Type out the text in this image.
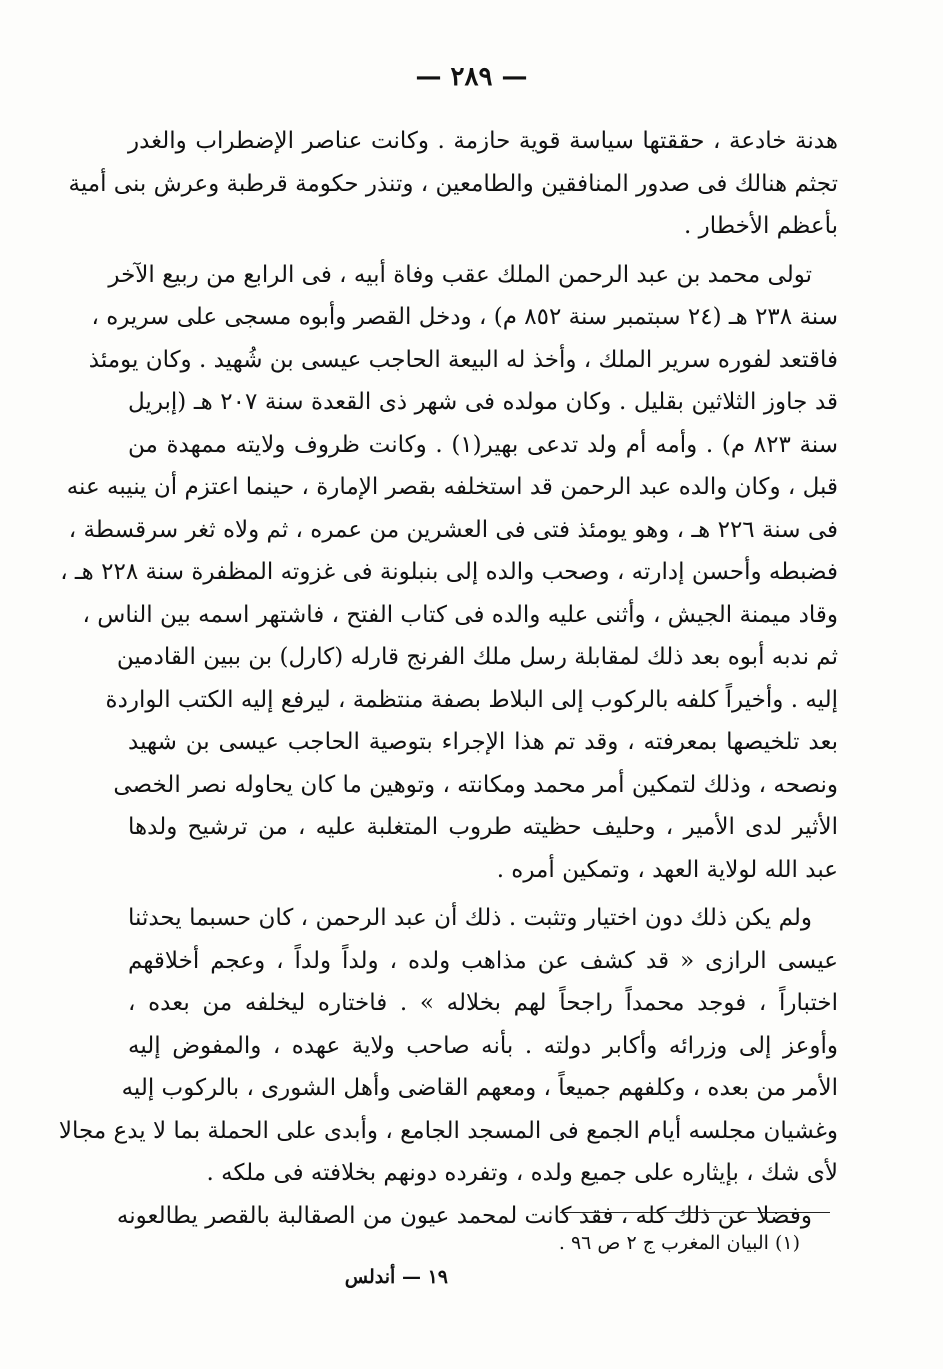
— ٢٨٩ —
هدنة خادعة ، حققتها سياسة قوية حازمة . وكانت عناصر الإضطراب والغدر
تجثم هنالك فى صدور المنافقين والطامعين ، وتنذر حكومة قرطبة وعرش بنى أمية
بأعظم الأخطار .
تولى محمد بن عبد الرحمن الملك عقب وفاة أبيه ، فى الرابع من ربيع الآخر
سنة ٢٣٨ هـ (٢٤ سبتمبر سنة ٨٥٢ م) ، ودخل القصر وأبوه مسجى على سريره ،
فاقتعد لفوره سرير الملك ، وأخذ له البيعة الحاجب عيسى بن شُهيد . وكان يومئذ
قد جاوز الثلاثين بقليل . وكان مولده فى شهر ذى القعدة سنة ٢٠٧ هـ (إبريل
سنة ٨٢٣ م) . وأمه أم ولد تدعى بهير(١) . وكانت ظروف ولايته ممهدة من
قبل ، وكان والده عبد الرحمن قد استخلفه بقصر الإمارة ، حينما اعتزم أن ينيبه عنه
فى سنة ٢٢٦ هـ ، وهو يومئذ فتى فى العشرين من عمره ، ثم ولاه ثغر سرقسطة ،
فضبطه وأحسن إدارته ، وصحب والده إلى بنبلونة فى غزوته المظفرة سنة ٢٢٨ هـ ،
وقاد ميمنة الجيش ، وأثنى عليه والده فى كتاب الفتح ، فاشتهر اسمه بين الناس ،
ثم ندبه أبوه بعد ذلك لمقابلة رسل ملك الفرنج قارله (كارل) بن ببين القادمين
إليه . وأخيراً كلفه بالركوب إلى البلاط بصفة منتظمة ، ليرفع إليه الكتب الواردة
بعد تلخيصها بمعرفته ، وقد تم هذا الإجراء بتوصية الحاجب عيسى بن شهيد
ونصحه ، وذلك لتمكين أمر محمد ومكانته ، وتوهين ما كان يحاوله نصر الخصى
الأثير لدى الأمير ، وحليف حظيته طروب المتغلبة عليه ، من ترشيح ولدها
عبد الله لولاية العهد ، وتمكين أمره .
ولم يكن ذلك دون اختيار وتثبت . ذلك أن عبد الرحمن ، كان حسبما يحدثنا
عيسى الرازى « قد كشف عن مذاهب ولده ، ولداً ولداً ، وعجم أخلاقهم
اختباراً ، فوجد محمداً راجحاً لهم بخلاله » . فاختاره ليخلفه من بعده ،
وأوعز إلى وزرائه وأكابر دولته . بأنه صاحب ولاية عهده ، والمفوض إليه
الأمر من بعده ، وكلفهم جميعاً ، ومعهم القاضى وأهل الشورى ، بالركوب إليه
وغشيان مجلسه أيام الجمع فى المسجد الجامع ، وأبدى على الحملة بما لا يدع مجالا
لأى شك ، بإيثاره على جميع ولده ، وتفرده دونهم بخلافته فى ملكه .
وفضلا عن ذلك كله ، فقد كانت لمحمد عيون من الصقالبة بالقصر يطالعونه
(١) البيان المغرب ج ٢ ص ٩٦ .
١٩ — أندلس
